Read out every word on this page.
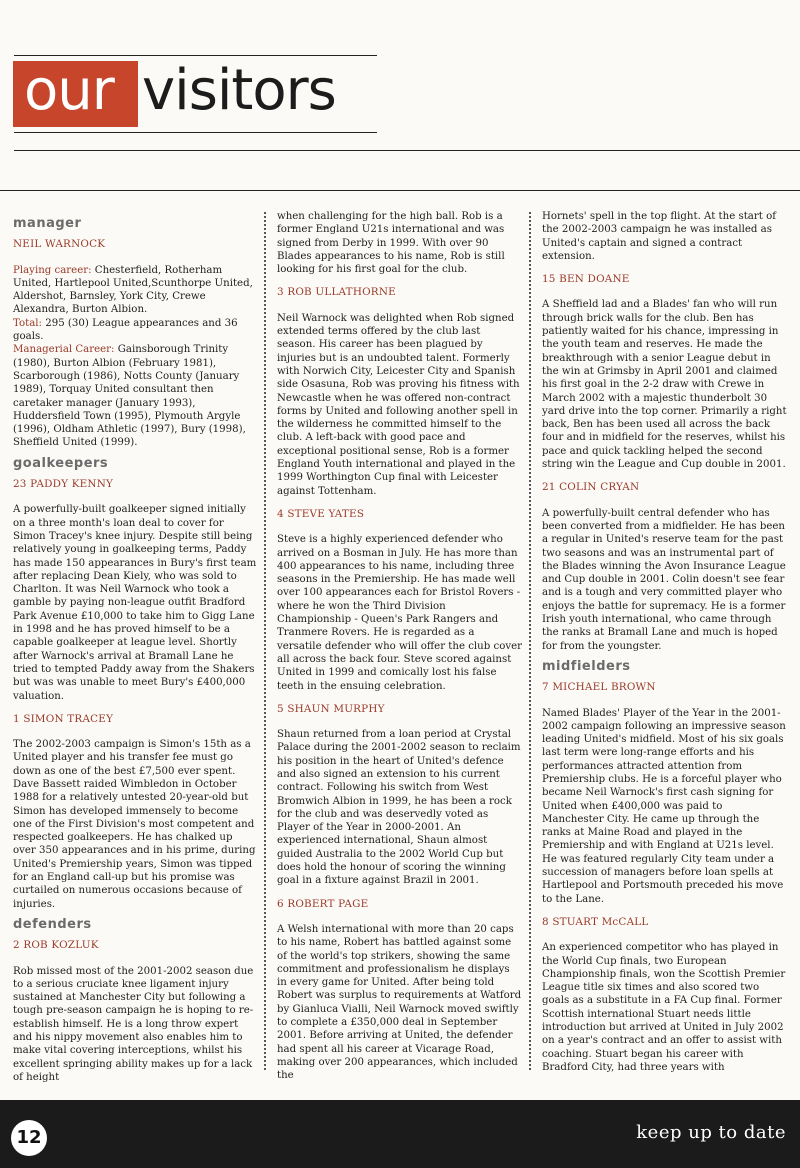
our visitors
manager
NEIL WARNOCK

Playing career: Chesterfield, Rotherham United, Hartlepool United,Scunthorpe United, Aldershot, Barnsley, York City, Crewe Alexandra, Burton Albion.
Total: 295 (30) League appearances and 36 goals.
Managerial Career: Gainsborough Trinity (1980), Burton Albion (February 1981), Scarborough (1986), Notts County (January 1989), Torquay United consultant then caretaker manager (January 1993), Huddersfield Town (1995), Plymouth Argyle (1996), Oldham Athletic (1997), Bury (1998), Sheffield United (1999).

goalkeepers
23 PADDY KENNY

A powerfully-built goalkeeper signed initially on a three month's loan deal to cover for Simon Tracey's knee injury. Despite still being relatively young in goalkeeping terms, Paddy has made 150 appearances in Bury's first team after replacing Dean Kiely, who was sold to Charlton. It was Neil Warnock who took a gamble by paying non-league outfit Bradford Park Avenue £10,000 to take him to Gigg Lane in 1998 and he has proved himself to be a capable goalkeeper at league level. Shortly after Warnock's arrival at Bramall Lane he tried to tempted Paddy away from the Shakers but was was unable to meet Bury's £400,000 valuation.

1 SIMON TRACEY

The 2002-2003 campaign is Simon's 15th as a United player and his transfer fee must go down as one of the best £7,500 ever spent. Dave Bassett raided Wimbledon in October 1988 for a relatively untested 20-year-old but Simon has developed immensely to become one of the First Division's most competent and respected goalkeepers. He has chalked up over 350 appearances and in his prime, during United's Premiership years, Simon was tipped for an England call-up but his promise was curtailed on numerous occasions because of injuries.

defenders
2 ROB KOZLUK

Rob missed most of the 2001-2002 season due to a serious cruciate knee ligament injury sustained at Manchester City but following a tough pre-season campaign he is hoping to re-establish himself. He is a long throw expert and his nippy movement also enables him to make vital covering interceptions, whilst his excellent springing ability makes up for a lack of height

when challenging for the high ball. Rob is a former England U21s international and was signed from Derby in 1999. With over 90 Blades appearances to his name, Rob is still looking for his first goal for the club.

3 ROB ULLATHORNE

Neil Warnock was delighted when Rob signed extended terms offered by the club last season. His career has been plagued by injuries but is an undoubted talent. Formerly with Norwich City, Leicester City and Spanish side Osasuna, Rob was proving his fitness with Newcastle when he was offered non-contract forms by United and following another spell in the wilderness he committed himself to the club. A left-back with good pace and exceptional positional sense, Rob is a former England Youth international and played in the 1999 Worthington Cup final with Leicester against Tottenham.

4 STEVE YATES

Steve is a highly experienced defender who arrived on a Bosman in July. He has more than 400 appearances to his name, including three seasons in the Premiership. He has made well over 100 appearances each for Bristol Rovers - where he won the Third Division Championship - Queen's Park Rangers and Tranmere Rovers. He is regarded as a versatile defender who will offer the club cover all across the back four. Steve scored against United in 1999 and comically lost his false teeth in the ensuing celebration.

5 SHAUN MURPHY

Shaun returned from a loan period at Crystal Palace during the 2001-2002 season to reclaim his position in the heart of United's defence and also signed an extension to his current contract. Following his switch from West Bromwich Albion in 1999, he has been a rock for the club and was deservedly voted as Player of the Year in 2000-2001. An experienced international, Shaun almost guided Australia to the 2002 World Cup but does hold the honour of scoring the winning goal in a fixture against Brazil in 2001.

6 ROBERT PAGE

A Welsh international with more than 20 caps to his name, Robert has battled against some of the world's top strikers, showing the same commitment and professionalism he displays in every game for United. After being told Robert was surplus to requirements at Watford by Gianluca Vialli, Neil Warnock moved swiftly to complete a £350,000 deal in September 2001. Before arriving at United, the defender had spent all his career at Vicarage Road, making over 200 appearances, which included the

Hornets' spell in the top flight. At the start of the 2002-2003 campaign he was installed as United's captain and signed a contract extension.

15 BEN DOANE

A Sheffield lad and a Blades' fan who will run through brick walls for the club. Ben has patiently waited for his chance, impressing in the youth team and reserves. He made the breakthrough with a senior League debut in the win at Grimsby in April 2001 and claimed his first goal in the 2-2 draw with Crewe in March 2002 with a majestic thunderbolt 30 yard drive into the top corner. Primarily a right back, Ben has been used all across the back four and in midfield for the reserves, whilst his pace and quick tackling helped the second string win the League and Cup double in 2001.

21 COLIN CRYAN

A powerfully-built central defender who has been converted from a midfielder. He has been a regular in United's reserve team for the past two seasons and was an instrumental part of the Blades winning the Avon Insurance League and Cup double in 2001. Colin doesn't see fear and is a tough and very committed player who enjoys the battle for supremacy. He is a former Irish youth international, who came through the ranks at Bramall Lane and much is hoped for from the youngster.

midfielders
7 MICHAEL BROWN

Named Blades' Player of the Year in the 2001-2002 campaign following an impressive season leading United's midfield. Most of his six goals last term were long-range efforts and his performances attracted attention from Premiership clubs. He is a forceful player who became Neil Warnock's first cash signing for United when £400,000 was paid to Manchester City. He came up through the ranks at Maine Road and played in the Premiership and with England at U21s level. He was featured regularly City team under a succession of managers before loan spells at Hartlepool and Portsmouth preceded his move to the Lane.

8 STUART McCALL

An experienced competitor who has played in the World Cup finals, two European Championship finals, won the Scottish Premier League title six times and also scored two goals as a substitute in a FA Cup final. Former Scottish international Stuart needs little introduction but arrived at United in July 2002 on a year's contract and an offer to assist with coaching. Stuart began his career with Bradford City, had three years with

12	keep up to date
